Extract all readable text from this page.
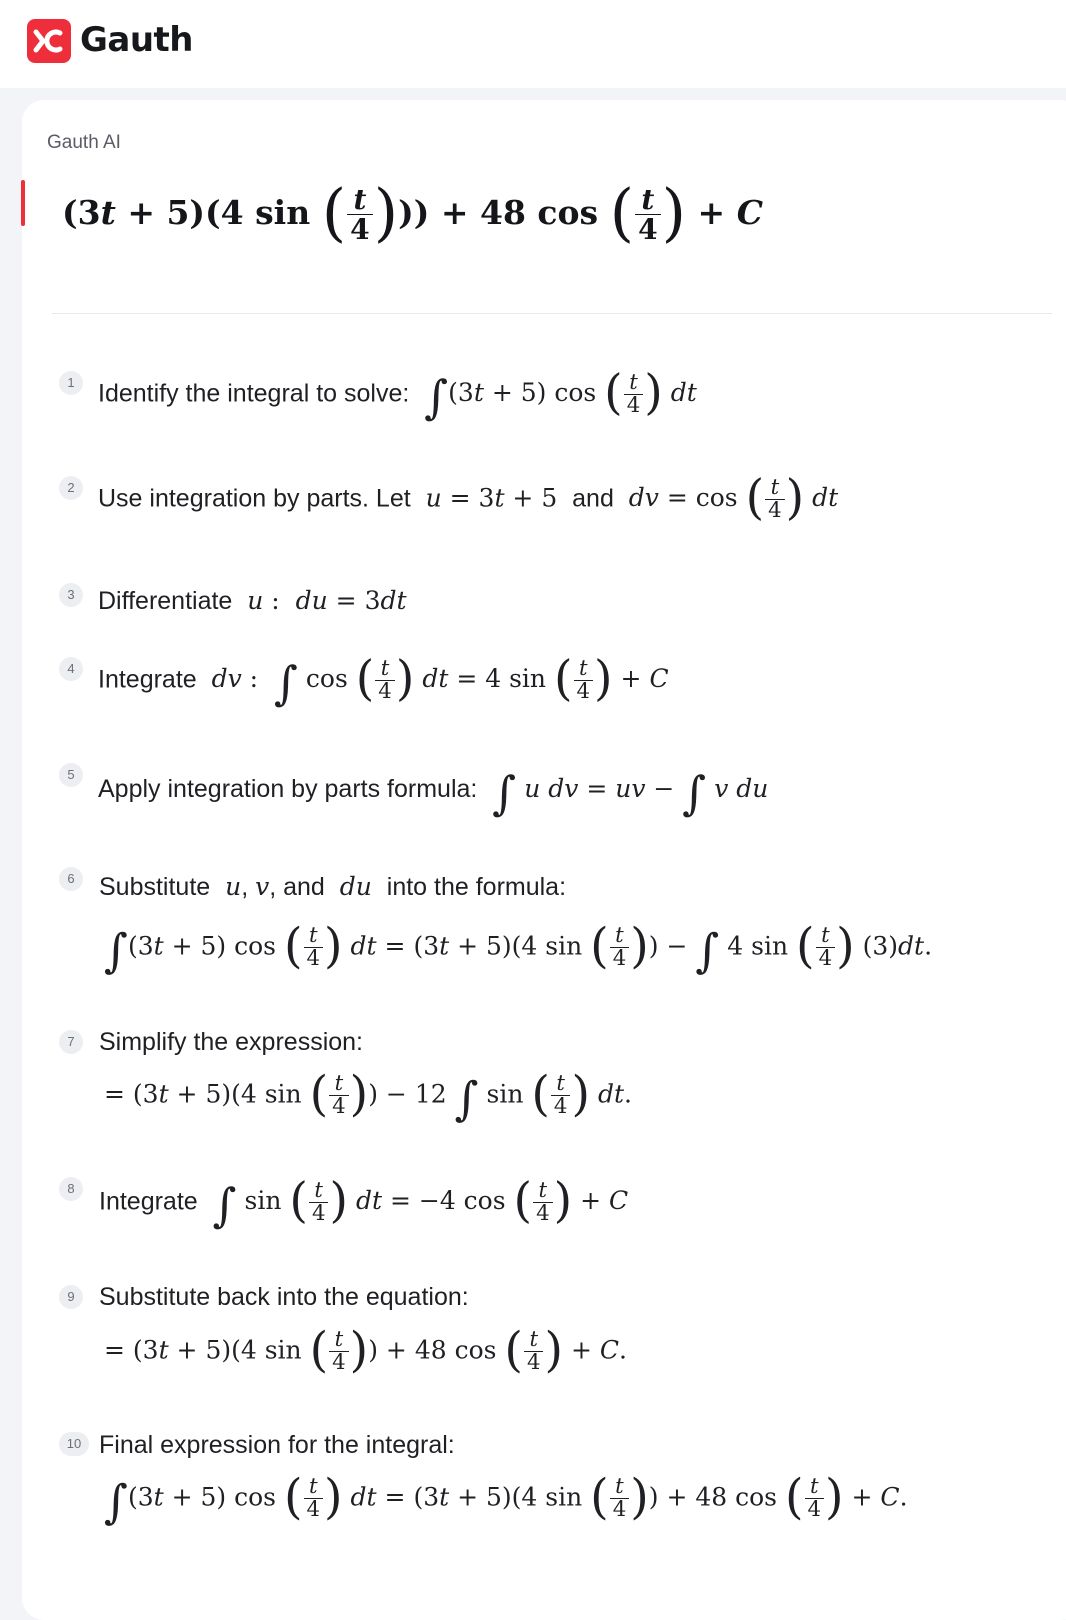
Gauth
Gauth AI
(3t + 5)(4 sin ( $\frac{t}{4}$ ))) + 48 cos ( $\frac{t}{4}$ ) + C
1 Identify the integral to solve: ∫(3t + 5) cos ( $\frac{t}{4}$ ) dt
2 Use integration by parts. Let u = 3t + 5  and dv = cos ( $\frac{t}{4}$ ) dt
3 Differentiate u :  du = 3dt
4 Integrate dv :  ∫ cos ( $\frac{t}{4}$ ) dt = 4 sin ( $\frac{t}{4}$ ) + C
5
Apply integration by parts formula: ∫ u dv = uv − ∫ v du
6 Substitute u, v, and du into the formula:
∫(3t + 5) cos ( $\frac{t}{4}$ ) dt = (3t + 5)(4 sin ( $\frac{t}{4}$ )) − ∫ 4 sin ( $\frac{t}{4}$ ) (3)dt.
7 Simplify the expression:
= (3t + 5)(4 sin ( $\frac{t}{4}$ )) − 12 ∫ sin ( $\frac{t}{4}$ ) dt.
8 Integrate ∫ sin ( $\frac{t}{4}$ ) dt = −4 cos ( $\frac{t}{4}$ ) + C
9 Substitute back into the equation:
= (3t + 5)(4 sin ( $\frac{t}{4}$ )) + 48 cos ( $\frac{t}{4}$ ) + C.
10 Final expression for the integral:
∫(3t + 5) cos ( $\frac{t}{4}$ ) dt = (3t + 5)(4 sin ( $\frac{t}{4}$ )) + 48 cos ( $\frac{t}{4}$ ) + C.
